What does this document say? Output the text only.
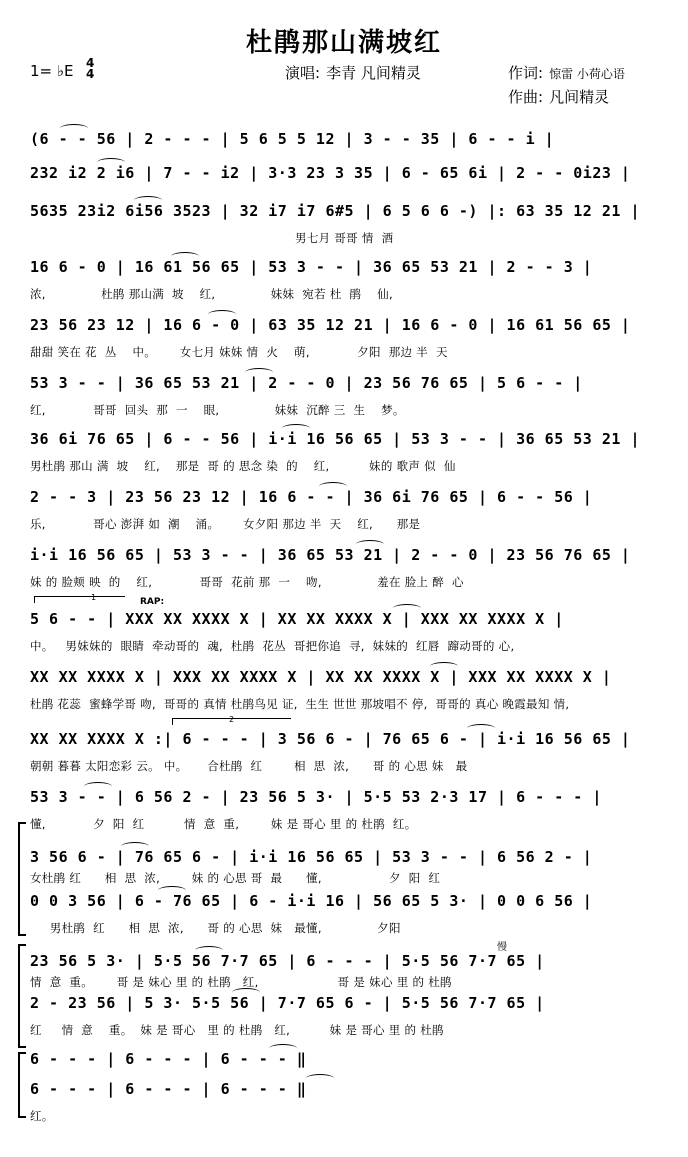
杜鹃那山满坡红
1= ♭E 4
4	演唱: 李青 凡间精灵	作词: 惊雷 小荷心语
作曲: 凡间精灵
RAP:
慢
1
2
(6 - - 56 | 2 - - - | 5 6 5 5 12 | 3 - - 35 | 6 - - i |
232 i2 2 i6 | 7 - - i2 | 3·3 23 3 35 | 6 - 65 6i | 2 - - 0i23 |
5635 23i2 6i56 3523 | 32 i7 i7 6#5 | 6 5 6 6 -) |: 63 35 12 21 |
男七月 哥哥 情  酒
16 6 - 0 | 16 61 56 65 | 53 3 - - | 36 65 53 21 | 2 - - 3 |
浓,              杜鹃 那山满  坡    红,              妹妹  宛若 杜  鹃    仙,
23 56 23 12 | 16 6 - 0 | 63 35 12 21 | 16 6 - 0 | 16 61 56 65 |
甜甜 笑在 花  丛    中。      女七月 妹妹 情  火    萌,            夕阳  那边 半  天
53 3 - - | 36 65 53 21 | 2 - - 0 | 23 56 76 65 | 5 6 - - |
红,            哥哥  回头  那  一    眼,              妹妹  沉醉 三  生    梦。
36 6i 76 65 | 6 - - 56 | i·i 16 56 65 | 53 3 - - | 36 65 53 21 |
男杜鹃 那山 满  坡    红,    那是  哥 的 思念 染  的    红,          妹的 歌声 似  仙
2 - - 3 | 23 56 23 12 | 16 6 - - | 36 6i 76 65 | 6 - - 56 |
乐,            哥心 澎湃 如  潮    涌。      女夕阳 那边 半  天    红,      那是
i·i 16 56 65 | 53 3 - - | 36 65 53 21 | 2 - - 0 | 23 56 76 65 |
妹 的 脸颊 映  的    红,            哥哥  花前 那  一    吻,              羞在 脸上 醉  心
5 6 - - | XXX XX XXXX X | XX XX XXXX X | XXX XX XXXX X |
中。   男妹妹的  眼睛  牵动哥的  魂,  杜鹃  花丛  哥把你追  寻,  妹妹的  红唇  蹿动哥的 心,
XX XX XXXX X | XXX XX XXXX X | XX XX XXXX X | XXX XX XXXX X |
杜鹃 花蕊  蜜蜂学哥 吻,  哥哥的 真情 杜鹃鸟见 证,  生生 世世 那坡唱不 停,  哥哥的 真心 晚霞最知 情,
XX XX XXXX X :| 6 - - - | 3 56 6 - | 76 65 6 - | i·i 16 56 65 |
朝朝 暮暮 太阳恋彩 云。 中。     合杜鹃  红        相  思  浓,      哥 的 心思 妹   最
53 3 - - | 6 56 2 - | 23 56 5 3· | 5·5 53 2·3 17 | 6 - - - |
懂,            夕  阳  红          情  意  重,        妹 是 哥心 里 的 杜鹃  红。
3 56 6 - | 76 65 6 - | i·i 16 56 65 | 53 3 - - | 6 56 2 - |
女杜鹃 红      相  思  浓,        妹 的 心思 哥  最      懂,                 夕  阳  红
0 0 3 56 | 6 - 76 65 | 6 - i·i 16 | 56 65 5 3· | 0 0 6 56 |
男杜鹃  红      相  思  浓,      哥 的 心思  妹   最懂,              夕阳
23 56 5 3· | 5·5 56 7·7 65 | 6 - - - | 5·5 56 7·7 65 |
情  意  重。      哥 是 妹心 里 的 杜鹃   红,                    哥 是 妹心 里 的 杜鹃
2 - 23 56 | 5 3· 5·5 56 | 7·7 65 6 - | 5·5 56 7·7 65 |
红     情  意    重。  妹 是 哥心   里 的 杜鹃   红,          妹 是 哥心 里 的 杜鹃
6 - - - | 6 - - - | 6 - - - ‖
6 - - - | 6 - - - | 6 - - - ‖
红。
